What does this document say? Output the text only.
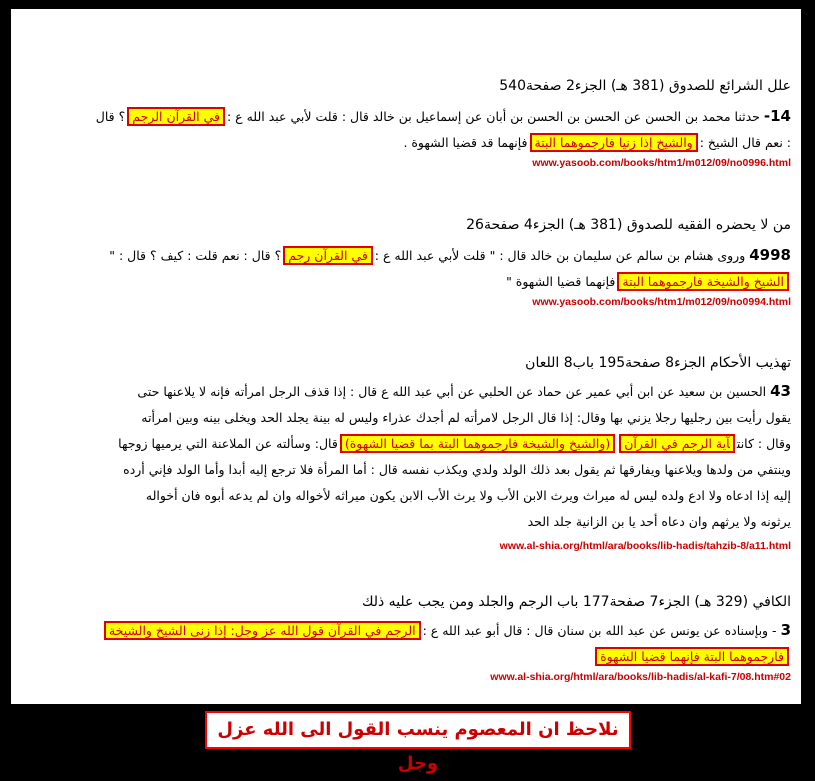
علل الشرائع للصدوق (381 هـ) الجزء2 صفحة540
14- حدثنا محمد بن الحسن عن الحسن بن الحسن بن أبان عن إسماعيل بن خالد قال : قلت لأبي عبد الله ع :في القرآن الرجم؟ قال
: نعم قال الشيخ :والشيخ إذا زنيا فارجموهما البتةفإنهما قد قضيا الشهوة .
www.yasoob.com/books/htm1/m012/09/no0996.html
من لا يحضره الفقيه للصدوق (381 هـ) الجزء4 صفحة26
4998 وروى هشام بن سالم عن سليمان بن خالد قال : " قلت لأبي عبد الله ع :في القرآن رجم؟ قال : نعم قلت : كيف ؟ قال : "
الشيخ والشيخة فارجموهما البتةفإنهما قضيا الشهوة "
www.yasoob.com/books/htm1/m012/09/no0994.html
تهذيب الأحكام الجزء8 صفحة195 باب8 اللعان
43 الحسين بن سعيد عن ابن أبي عمير عن حماد عن الحلبي عن أبي عبد الله ع قال : إذا قذف الرجل امرأته فإنه لا يلاعنها حتى
يقول رأيت بين رجليها رجلا يزني بها وقال: إذا قال الرجل لامرأته لم أجدك عذراء وليس له بينة يجلد الحد ويخلى بينه وبين امرأته
وقال : كانتآية الرجم في القرآن(والشيخ والشيخة فارجموهما البتة بما قضيا الشهوة)قال: وسألته عن الملاعنة التي يرميها زوجها
وينتفي من ولدها ويلاعنها ويفارقها ثم يقول بعد ذلك الولد ولدي ويكذب نفسه قال : أما المرأة فلا ترجع إليه أبدا وأما الولد فإني أرده
إليه إذا ادعاه ولا ادع ولده ليس له ميراث ويرث الابن الأب ولا يرث الأب الابن يكون ميراثه لأخواله وان لم يدعه أبوه فان أخواله
يرثونه ولا يرثهم وان دعاه أحد يا بن الزانية جلد الحد
www.al-shia.org/html/ara/books/lib-hadis/tahzib-8/a11.html
الكافي (329 هـ) الجزء7 صفحة177 باب الرجم والجلد ومن يجب عليه ذلك
3 - وبإسناده عن يونس عن عبد الله بن سنان قال : قال أبو عبد الله ع :الرجم في القرآن قول الله عز وجل: إذا زنى الشيخ والشيخة
فارجموهما البتة فإنهما قضيا الشهوة
www.al-shia.org/html/ara/books/lib-hadis/al-kafi-7/08.htm#02
نلاحظ ان المعصوم ينسب القول الى الله عزل وجل
